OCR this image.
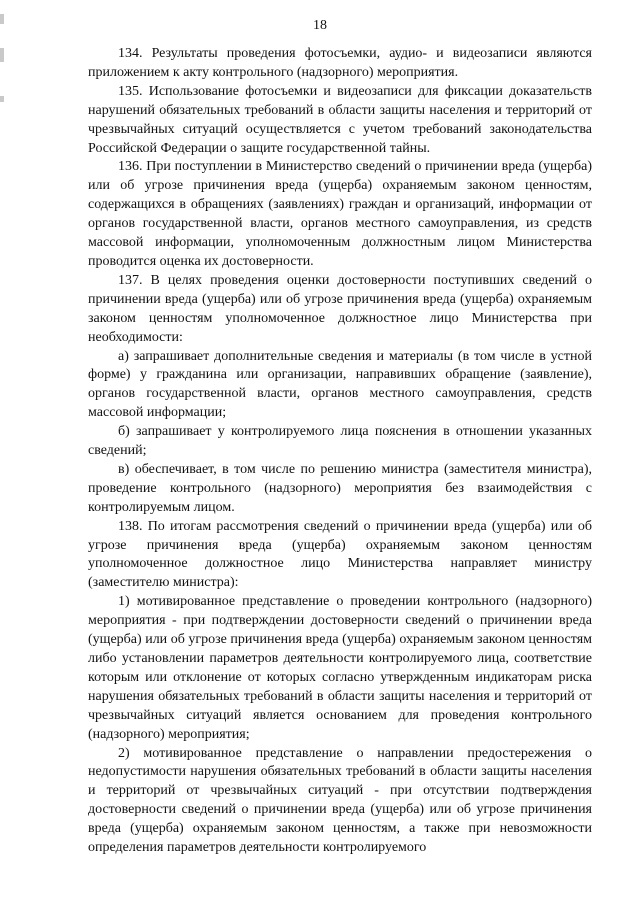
18

134. Результаты проведения фотосъемки, аудио- и видеозаписи являются приложением к акту контрольного (надзорного) мероприятия.

135. Использование фотосъемки и видеозаписи для фиксации доказательств нарушений обязательных требований в области защиты населения и территорий от чрезвычайных ситуаций осуществляется с учетом требований законодательства Российской Федерации о защите государственной тайны.

136. При поступлении в Министерство сведений о причинении вреда (ущерба) или об угрозе причинения вреда (ущерба) охраняемым законом ценностям, содержащихся в обращениях (заявлениях) граждан и организаций, информации от органов государственной власти, органов местного самоуправления, из средств массовой информации, уполномоченным должностным лицом Министерства проводится оценка их достоверности.

137. В целях проведения оценки достоверности поступивших сведений о причинении вреда (ущерба) или об угрозе причинения вреда (ущерба) охраняемым законом ценностям уполномоченное должностное лицо Министерства при необходимости:

а) запрашивает дополнительные сведения и материалы (в том числе в устной форме) у гражданина или организации, направивших обращение (заявление), органов государственной власти, органов местного самоуправления, средств массовой информации;

б) запрашивает у контролируемого лица пояснения в отношении указанных сведений;

в) обеспечивает, в том числе по решению министра (заместителя министра), проведение контрольного (надзорного) мероприятия без взаимодействия с контролируемым лицом.

138. По итогам рассмотрения сведений о причинении вреда (ущерба) или об угрозе причинения вреда (ущерба) охраняемым законом ценностям уполномоченное должностное лицо Министерства направляет министру (заместителю министра):

1) мотивированное представление о проведении контрольного (надзорного) мероприятия - при подтверждении достоверности сведений о причинении вреда (ущерба) или об угрозе причинения вреда (ущерба) охраняемым законом ценностям либо установлении параметров деятельности контролируемого лица, соответствие которым или отклонение от которых согласно утвержденным индикаторам риска нарушения обязательных требований в области защиты населения и территорий от чрезвычайных ситуаций является основанием для проведения контрольного (надзорного) мероприятия;

2) мотивированное представление о направлении предостережения о недопустимости нарушения обязательных требований в области защиты населения и территорий от чрезвычайных ситуаций - при отсутствии подтверждения достоверности сведений о причинении вреда (ущерба) или об угрозе причинения вреда (ущерба) охраняемым законом ценностям, а также при невозможности определения параметров деятельности контролируемого
